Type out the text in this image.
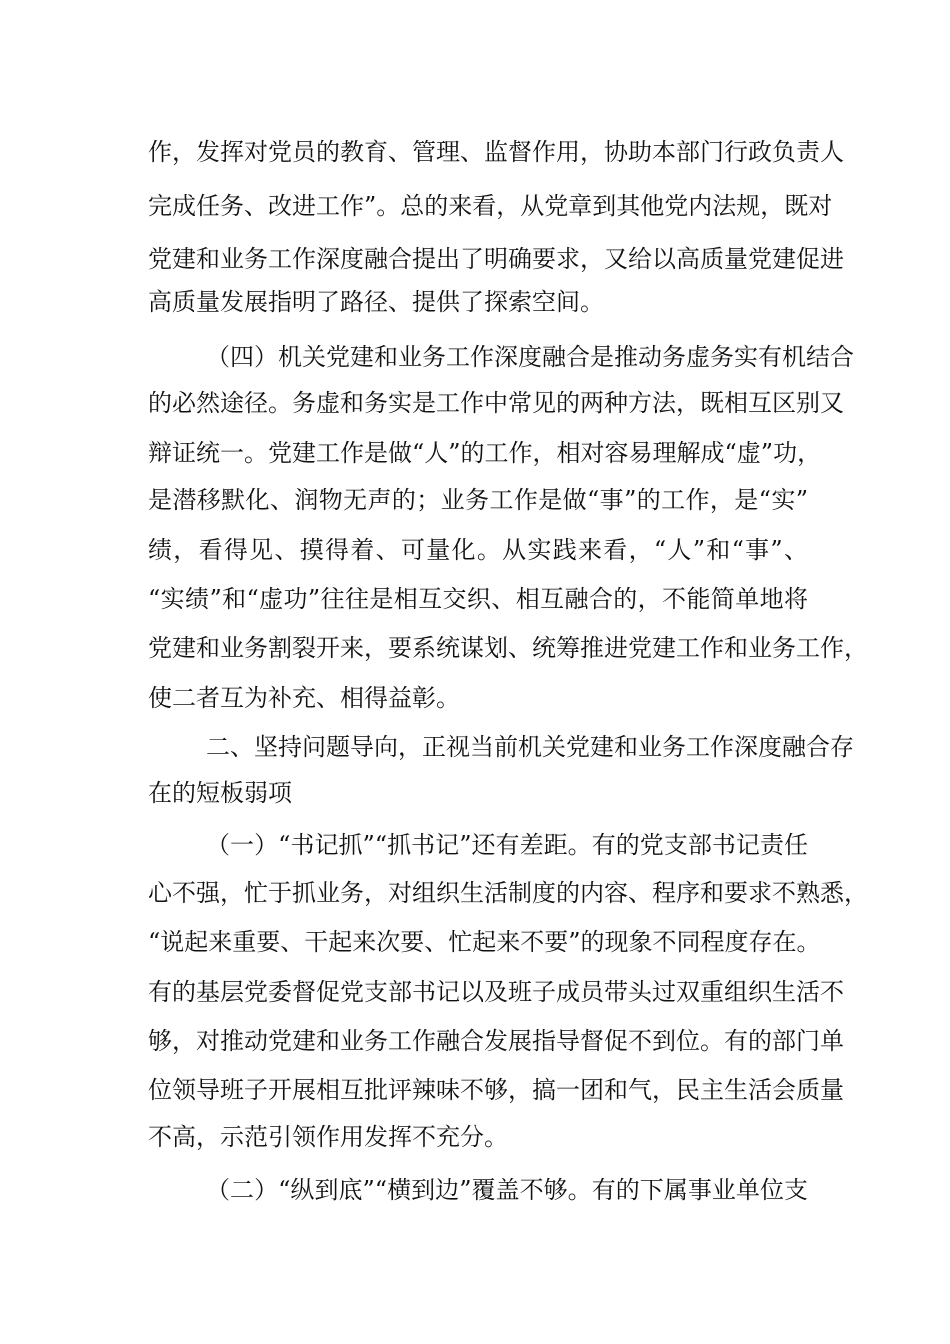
作，发挥对党员的教育、管理、监督作用，协助本部门行政负责人
完成任务、改进工作”。总的来看，从党章到其他党内法规，既对
党建和业务工作深度融合提出了明确要求，又给以高质量党建促进
高质量发展指明了路径、提供了探索空间。
（四）机关党建和业务工作深度融合是推动务虚务实有机结合
的必然途径。务虚和务实是工作中常见的两种方法，既相互区别又
辩证统一。党建工作是做“人”的工作，相对容易理解成“虚”功，
是潜移默化、润物无声的；业务工作是做“事”的工作，是“实”
绩，看得见、摸得着、可量化。从实践来看，“人”和“事”、
“实绩”和“虚功”往往是相互交织、相互融合的，不能简单地将
党建和业务割裂开来，要系统谋划、统筹推进党建工作和业务工作，
使二者互为补充、相得益彰。
二、坚持问题导向，正视当前机关党建和业务工作深度融合存
在的短板弱项
（一）“书记抓”“抓书记”还有差距。有的党支部书记责任
心不强，忙于抓业务，对组织生活制度的内容、程序和要求不熟悉，
“说起来重要、干起来次要、忙起来不要”的现象不同程度存在。
有的基层党委督促党支部书记以及班子成员带头过双重组织生活不
够，对推动党建和业务工作融合发展指导督促不到位。有的部门单
位领导班子开展相互批评辣味不够，搞一团和气，民主生活会质量
不高，示范引领作用发挥不充分。
（二）“纵到底”“横到边”覆盖不够。有的下属事业单位支
